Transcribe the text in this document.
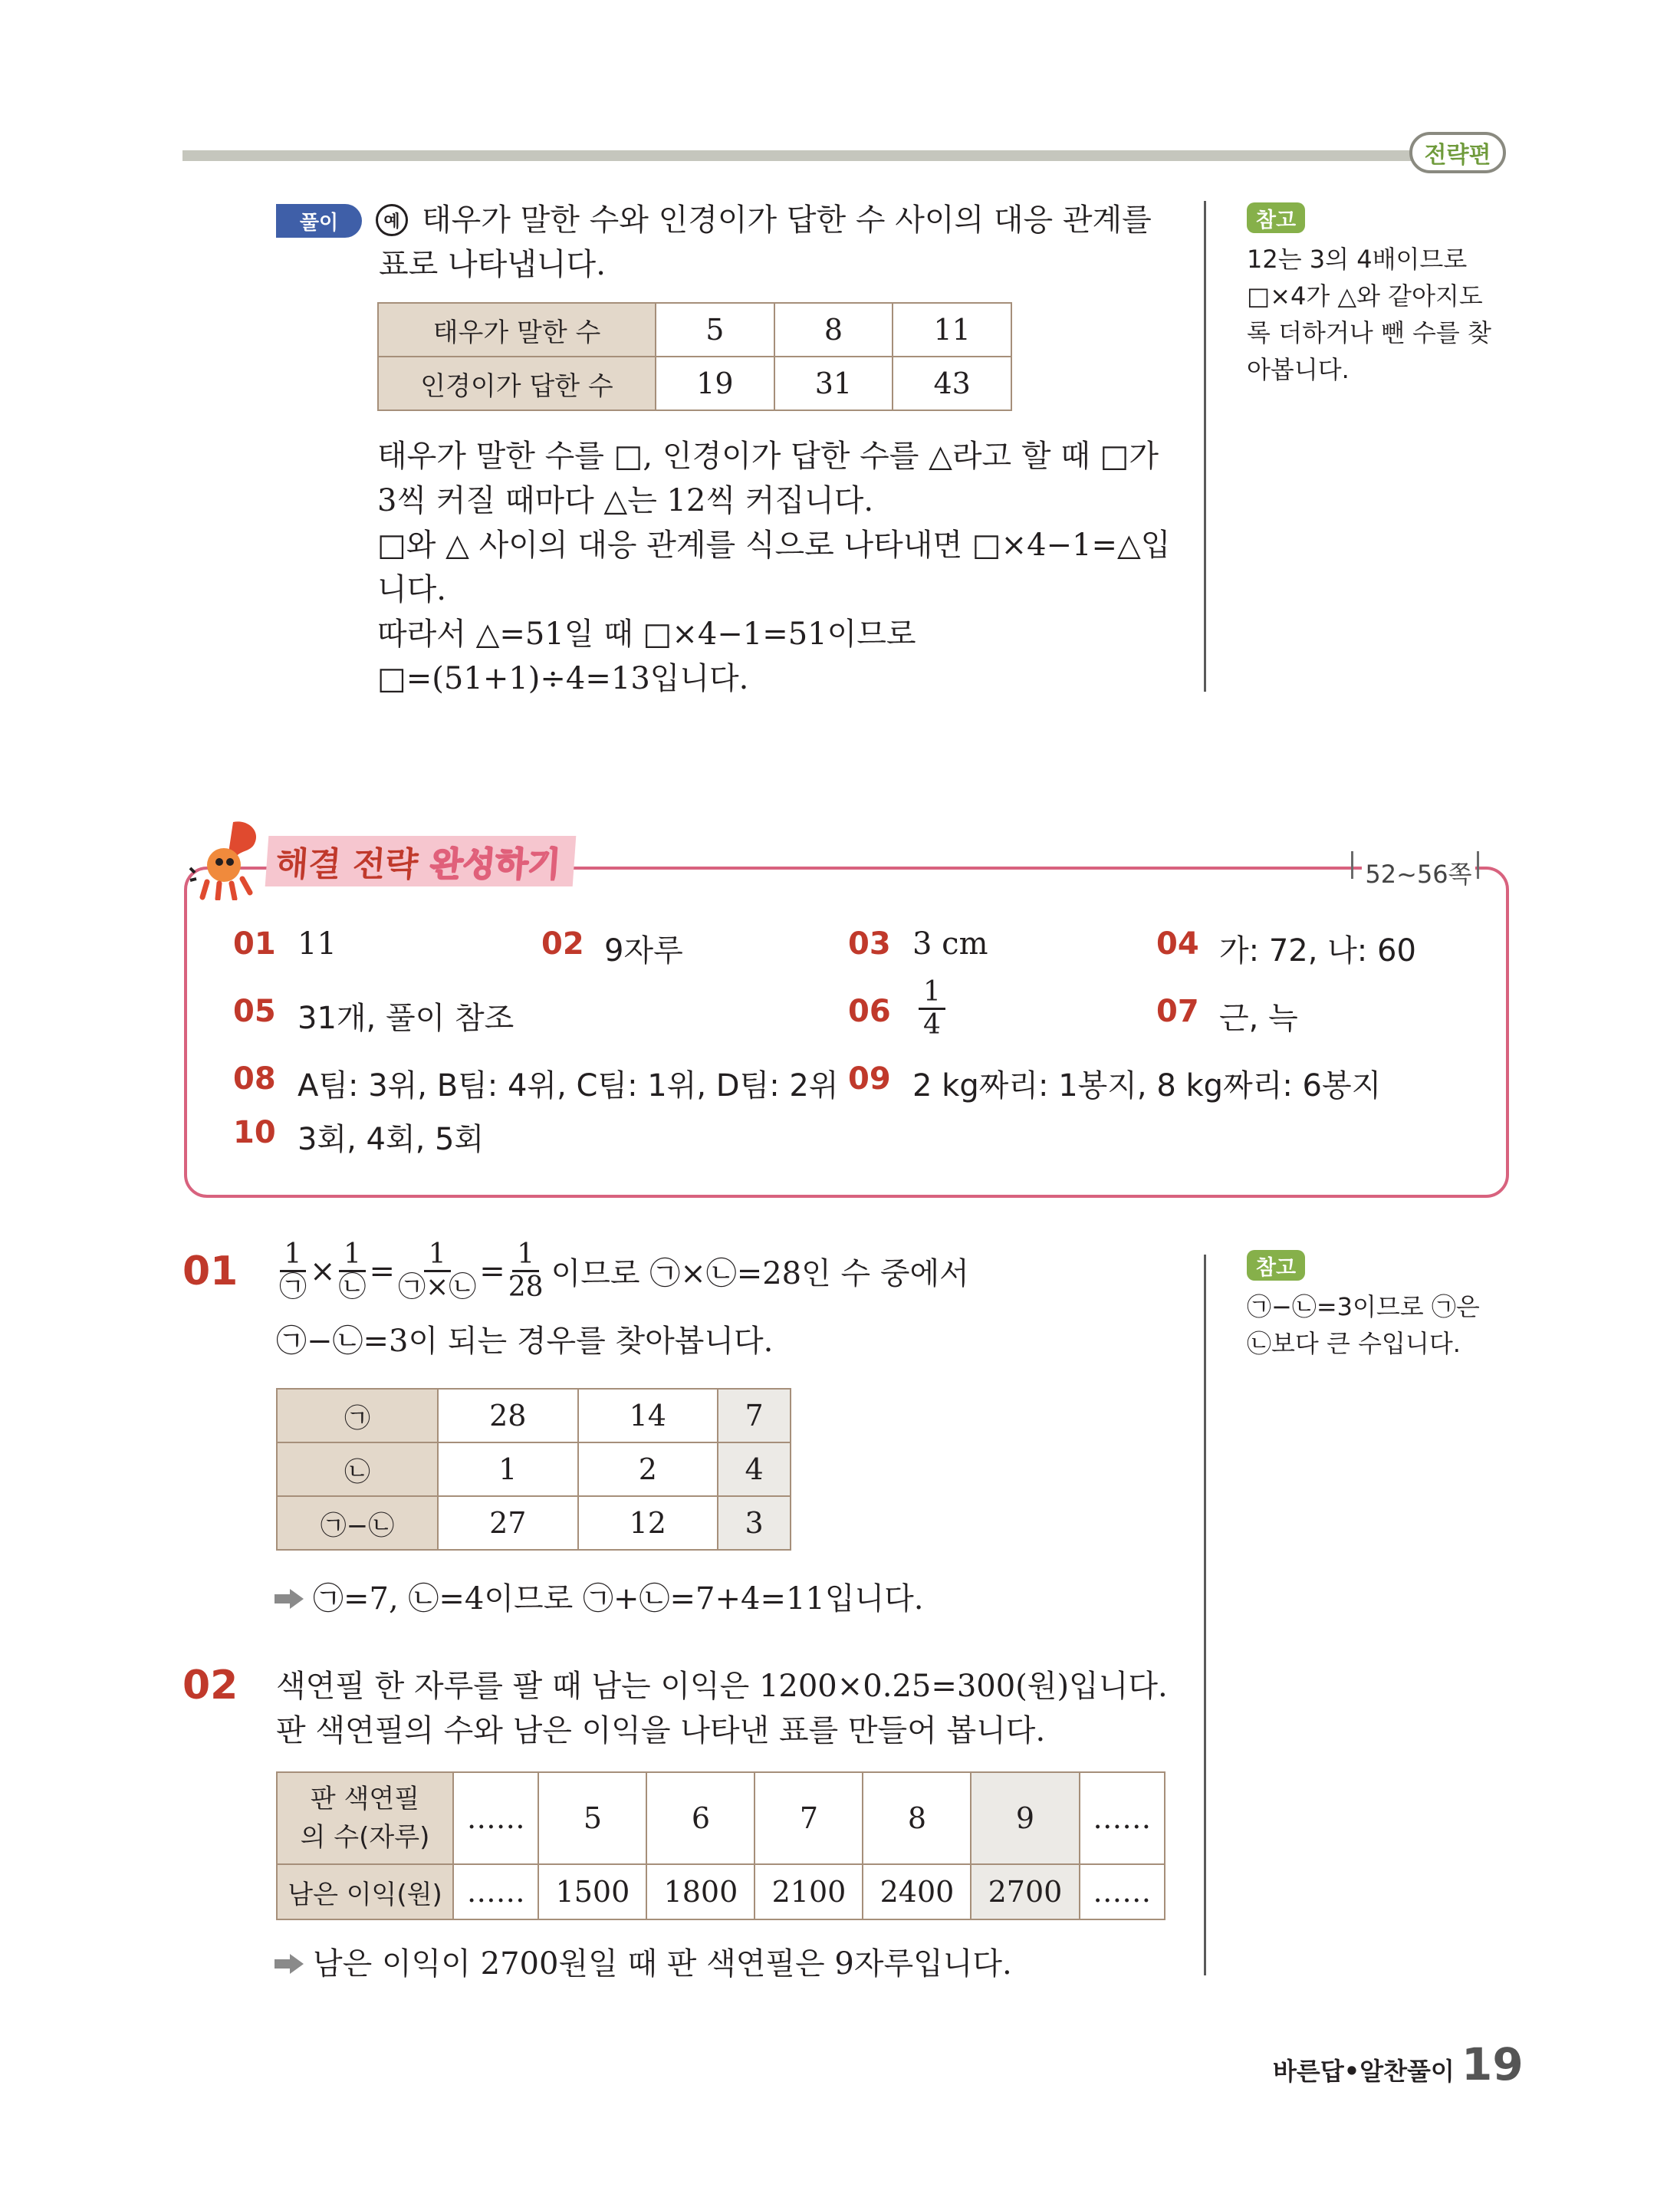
전략편
풀이	예 태우가 말한 수와 인경이가 답한 수 사이의 대응 관계를
표로 나타냅니다.
태우가 말한 수	5	8	11
인경이가 답한 수	19	31	43
태우가 말한 수를 □, 인경이가 답한 수를 △라고 할 때 □가
3씩 커질 때마다 △는 12씩 커집니다.
□와 △ 사이의 대응 관계를 식으로 나타내면 □×4−1=△입
니다.
따라서 △=51일 때 □×4−1=51이므로
□=(51+1)÷4=13입니다.
참고
12는 3의 4배이므로
□×4가 △와 같아지도
록 더하거나 뺀 수를 찾
아봅니다.
해결 전략 완성하기	52~56쪽
01 11	02 9자루	03 3 cm	04 가: 72, 나: 60
05 31개, 풀이 참조	$06 \frac{1}{4}$	07 근, 늑
08 A팀: 3위, B팀: 4위, C팀: 1위, D팀: 2위 09 2 kg짜리: 1봉지, 8 kg짜리: 6봉지
10 3회, 4회, 5회
$01 \frac{1}{㉠} \times \frac{1}{㉡} = \frac{1}{㉠\times㉡} = \frac{1}{28}$ 이므로 ㉠×㉡=28인 수 중에서
㉠−㉡=3이 되는 경우를 찾아봅니다.
㉠	28	14	7
㉡	1	2	4
㉠−㉡	27	12	3
㉠=7, ㉡=4이므로 ㉠+㉡=7+4=11입니다.
참고
㉠−㉡=3이므로 ㉠은
㉡보다 큰 수입니다.
02 색연필 한 자루를 팔 때 남는 이익은 1200×0.25=300(원)입니다.
판 색연필의 수와 남은 이익을 나타낸 표를 만들어 봅니다.
판 색연필
의 수(자루)	……	5	6	7	8	9	……
남은 이익(원)	……	1500	1800	2100	2400	2700	……
남은 이익이 2700원일 때 판 색연필은 9자루입니다.
바른답•알찬풀이 19
